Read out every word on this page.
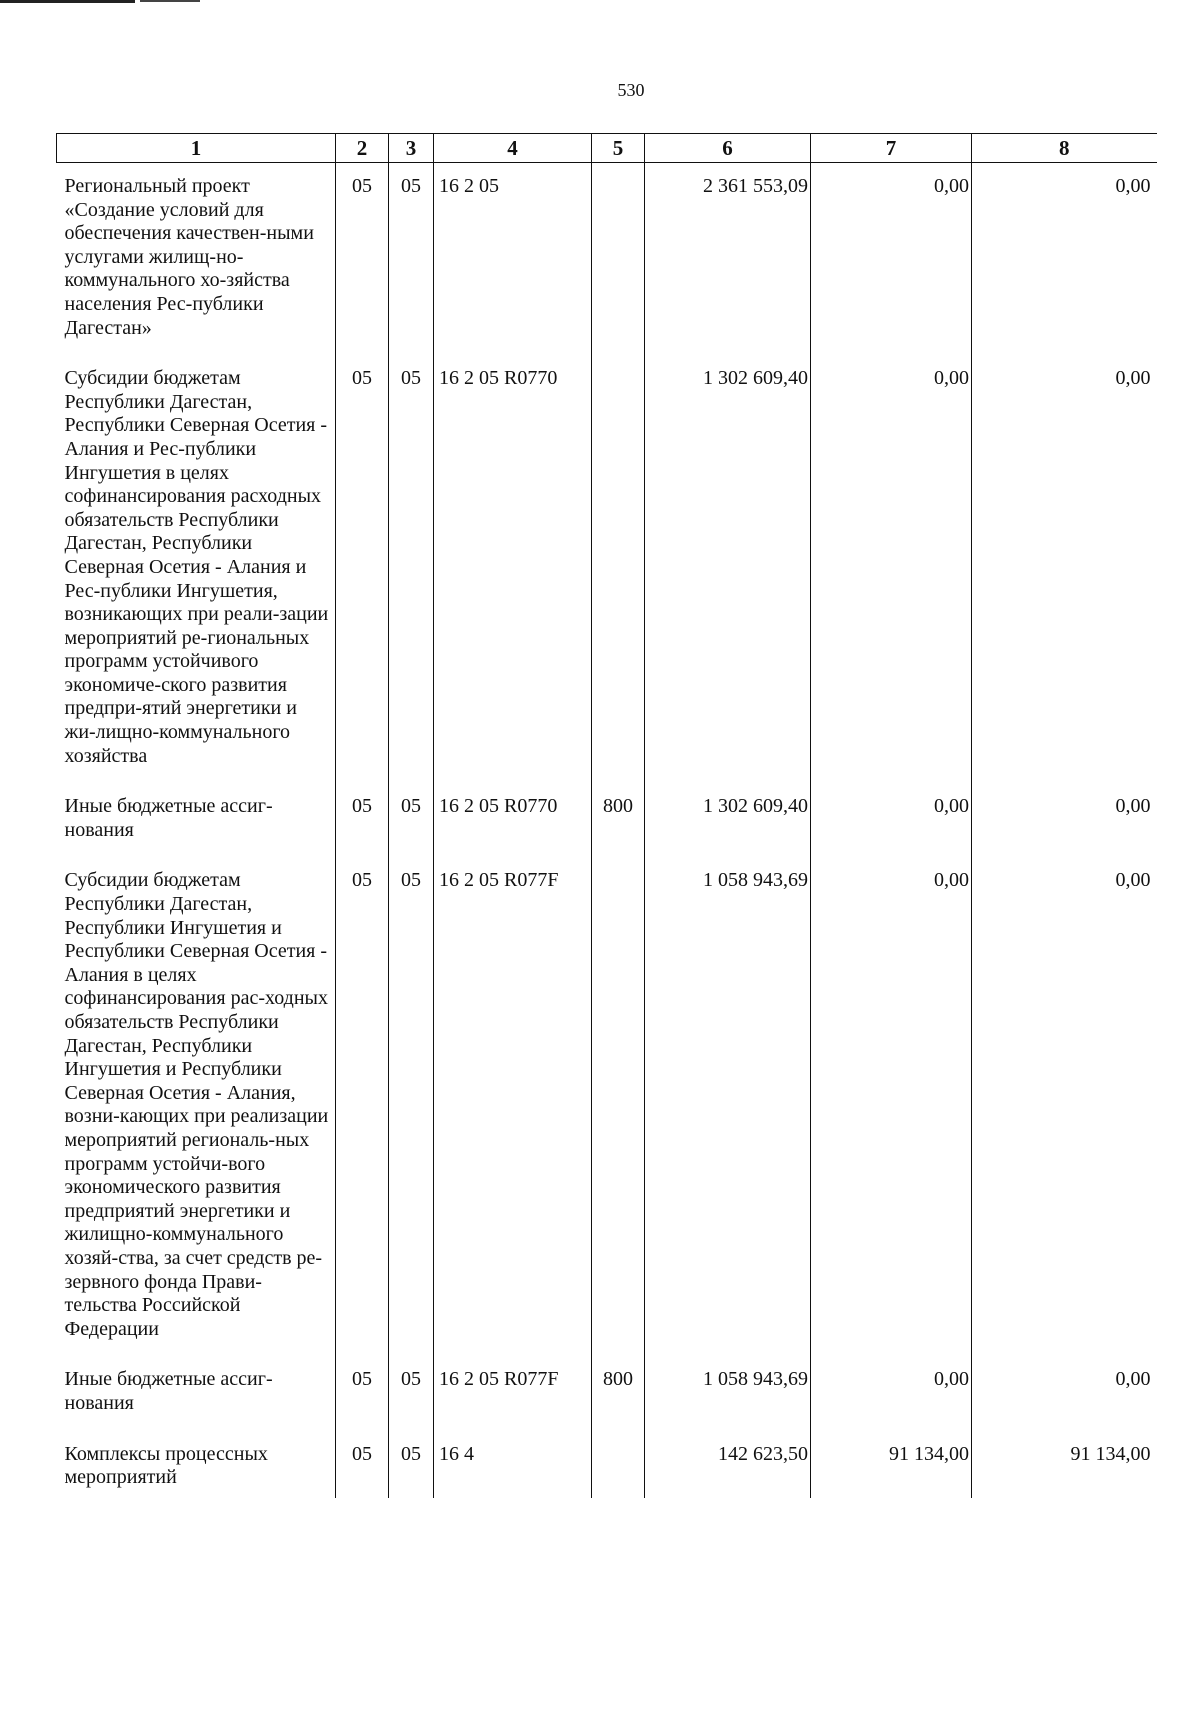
530
1	2	3	4	5	6	7	8
Региональный проект «Создание условий для обеспечения качествен-ными услугами жилищ-но-коммунального хо-зяйства населения Рес-публики Дагестан»	05	05	16 2 05		2 361 553,09	0,00	0,00
Субсидии бюджетам Республики Дагестан, Республики Северная Осетия - Алания и Рес-публики Ингушетия в целях софинансирования расходных обязательств Республики Дагестан, Республики Северная Осетия - Алания и Рес-публики Ингушетия, возникающих при реали-зации мероприятий ре-гиональных программ устойчивого экономиче-ского развития предпри-ятий энергетики и жи-лищно-коммунального хозяйства	05	05	16 2 05 R0770		1 302 609,40	0,00	0,00
Иные бюджетные ассиг-нования	05	05	16 2 05 R0770	800	1 302 609,40	0,00	0,00
Субсидии бюджетам Республики Дагестан, Республики Ингушетия и Республики Северная Осетия - Алания в целях софинансирования рас-ходных обязательств Республики Дагестан, Республики Ингушетия и Республики Северная Осетия - Алания, возни-кающих при реализации мероприятий региональ-ных программ устойчи-вого экономического развития предприятий энергетики и жилищно-коммунального хозяй-ства, за счет средств ре-зервного фонда Прави-тельства Российской Федерации	05	05	16 2 05 R077F		1 058 943,69	0,00	0,00
Иные бюджетные ассиг-нования	05	05	16 2 05 R077F	800	1 058 943,69	0,00	0,00
Комплексы процессных мероприятий	05	05	16 4		142 623,50	91 134,00	91 134,00
